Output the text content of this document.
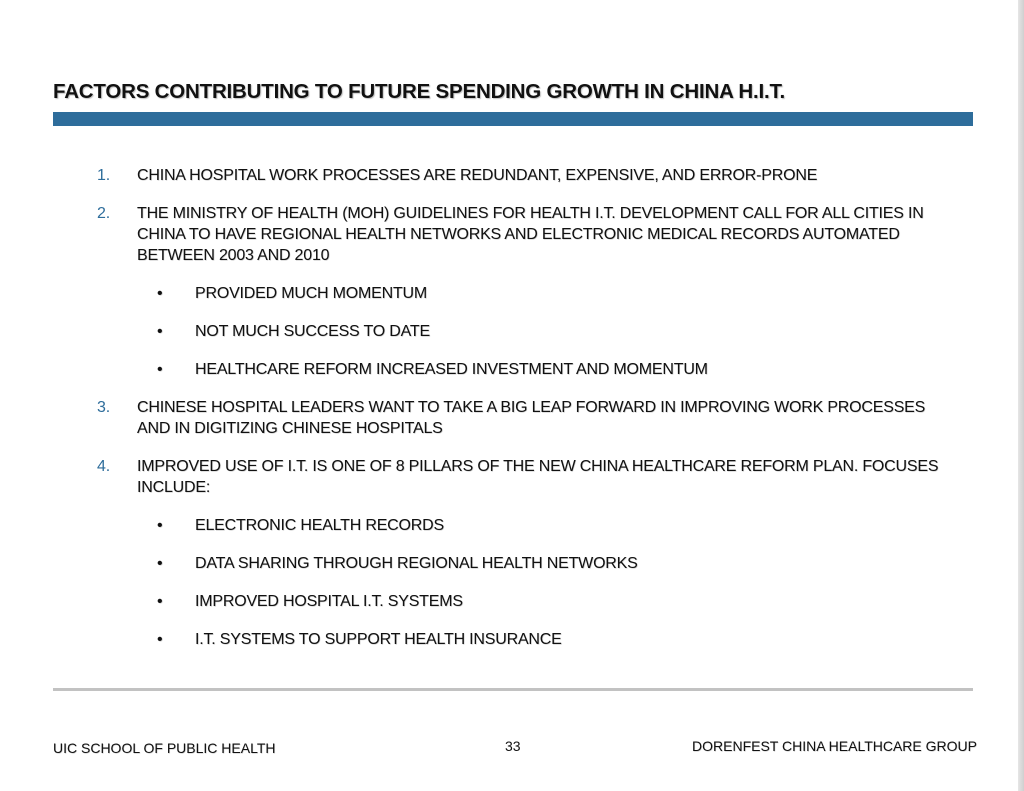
FACTORS CONTRIBUTING TO FUTURE SPENDING GROWTH IN CHINA H.I.T.
1.	CHINA HOSPITAL WORK PROCESSES ARE REDUNDANT, EXPENSIVE, AND ERROR-PRONE
2.	THE MINISTRY OF HEALTH (MOH) GUIDELINES FOR HEALTH I.T. DEVELOPMENT CALL FOR ALL CITIES IN CHINA TO HAVE REGIONAL HEALTH NETWORKS AND ELECTRONIC MEDICAL RECORDS AUTOMATED BETWEEN 2003 AND 2010
•	PROVIDED MUCH MOMENTUM
•	NOT MUCH SUCCESS TO DATE
•	HEALTHCARE REFORM INCREASED INVESTMENT AND MOMENTUM
3.	CHINESE HOSPITAL LEADERS WANT TO TAKE A BIG LEAP FORWARD IN IMPROVING WORK PROCESSES AND IN DIGITIZING CHINESE HOSPITALS
4.	IMPROVED USE OF I.T. IS ONE OF 8 PILLARS OF THE NEW CHINA HEALTHCARE REFORM PLAN. FOCUSES INCLUDE:
•	ELECTRONIC HEALTH RECORDS
•	DATA SHARING THROUGH REGIONAL HEALTH NETWORKS
•	IMPROVED HOSPITAL I.T. SYSTEMS
•	I.T. SYSTEMS TO SUPPORT HEALTH INSURANCE
UIC SCHOOL OF PUBLIC HEALTH	33	DORENFEST CHINA HEALTHCARE GROUP
